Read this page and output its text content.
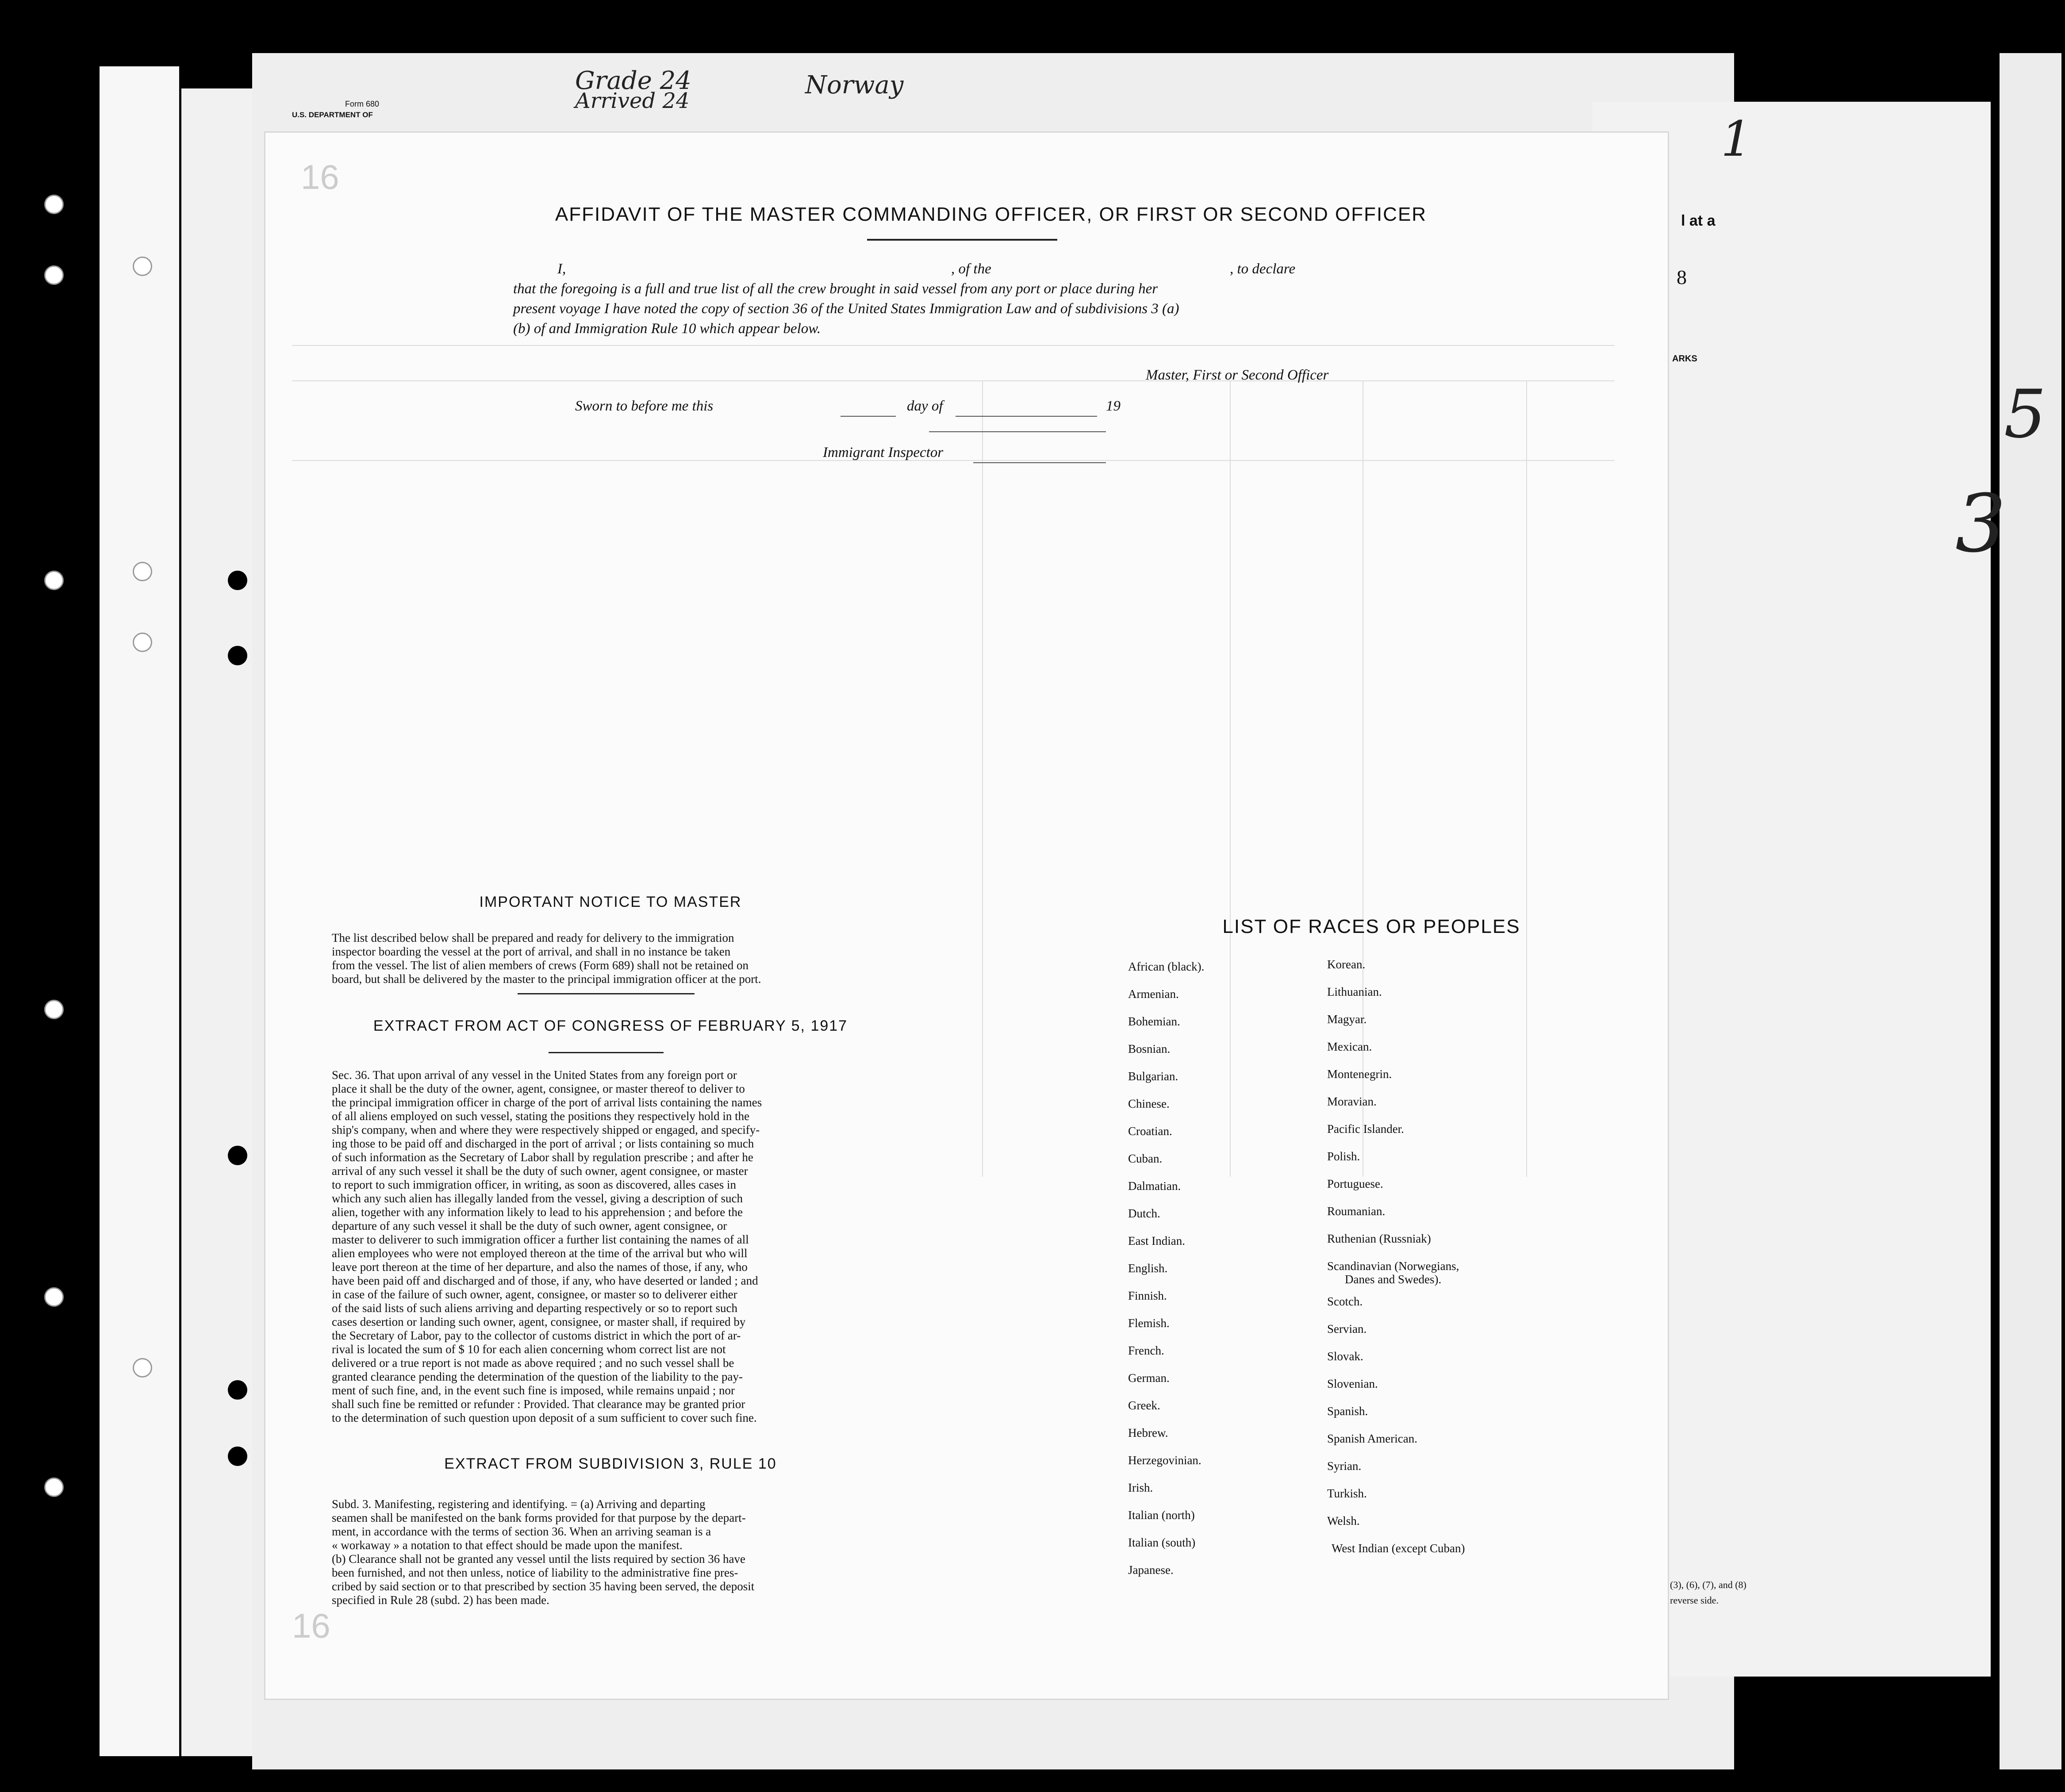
Form 680
U.S. DEPARTMENT OF
Grade 24
Arrived 24
Norway
1
l at a
8
ARKS
(3), (6), (7), and (8)
reverse side.
5
3
16
AFFIDAVIT OF THE MASTER COMMANDING OFFICER, OR FIRST OR SECOND OFFICER
I,	, of the	, to declare
that the foregoing is a full and true list of all the crew brought in said vessel from any port or place during her
present voyage I have noted the copy of section 36 of the United States Immigration Law and of subdivisions 3 (a)
(b) of and Immigration Rule 10 which appear below.
Master, First or Second Officer
Sworn to before me this	day of	19
Immigrant Inspector
IMPORTANT NOTICE TO MASTER
The list described below shall be prepared and ready for delivery to the immigration
inspector boarding the vessel at the port of arrival, and shall in no instance be taken
from the vessel. The list of alien members of crews (Form 689) shall not be retained on
board, but shall be delivered by the master to the principal immigration officer at the port.
EXTRACT FROM ACT OF CONGRESS OF FEBRUARY 5, 1917
Sec. 36. That upon arrival of any vessel in the United States from any foreign port or
place it shall be the duty of the owner, agent, consignee, or master thereof to deliver to
the principal immigration officer in charge of the port of arrival lists containing the names
of all aliens employed on such vessel, stating the positions they respectively hold in the
ship's company, when and where they were respectively shipped or engaged, and specify-
ing those to be paid off and discharged in the port of arrival ; or lists containing so much
of such information as the Secretary of Labor shall by regulation prescribe ; and after he
arrival of any such vessel it shall be the duty of such owner, agent consignee, or master
to report to such immigration officer, in writing, as soon as discovered, alles cases in
which any such alien has illegally landed from the vessel, giving a description of such
alien, together with any information likely to lead to his apprehension ; and before the
departure of any such vessel it shall be the duty of such owner, agent consignee, or
master to deliverer to such immigration officer a further list containing the names of all
alien employees who were not employed thereon at the time of the arrival but who will
leave port thereon at the time of her departure, and also the names of those, if any, who
have been paid off and discharged and of those, if any, who have deserted or landed ; and
in case of the failure of such owner, agent, consignee, or master so to deliverer either
of the said lists of such aliens arriving and departing respectively or so to report such
cases desertion or landing such owner, agent, consignee, or master shall, if required by
the Secretary of Labor, pay to the collector of customs district in which the port of ar-
rival is located the sum of $ 10 for each alien concerning whom correct list are not
delivered or a true report is not made as above required ; and no such vessel shall be
granted clearance pending the determination of the question of the liability to the pay-
ment of such fine, and, in the event such fine is imposed, while remains unpaid ; nor
shall such fine be remitted or refunder : Provided. That clearance may be granted prior
to the determination of such question upon deposit of a sum sufficient to cover such fine.
EXTRACT FROM SUBDIVISION 3, RULE 10
Subd. 3. Manifesting, registering and identifying. = (a) Arriving and departing
seamen shall be manifested on the bank forms provided for that purpose by the depart-
ment, in accordance with the terms of section 36. When an arriving seaman is a
« workaway » a notation to that effect should be made upon the manifest.
(b) Clearance shall not be granted any vessel until the lists required by section 36 have
been furnished, and not then unless, notice of liability to the administrative fine pres-
cribed by said section or to that prescribed by section 35 having been served, the deposit
specified in Rule 28 (subd. 2) has been made.
LIST OF RACES OR PEOPLES
African (black).
Armenian.
Bohemian.
Bosnian.
Bulgarian.
Chinese.
Croatian.
Cuban.
Dalmatian.
Dutch.
East Indian.
English.
Finnish.
Flemish.
French.
German.
Greek.
Hebrew.
Herzegovinian.
Irish.
Italian (north)
Italian (south)
Japanese.
Korean.
Lithuanian.
Magyar.
Mexican.
Montenegrin.
Moravian.
Pacific Islander.
Polish.
Portuguese.
Roumanian.
Ruthenian (Russniak)
Scandinavian (Norwegians,
Danes and Swedes).
Scotch.
Servian.
Slovak.
Slovenian.
Spanish.
Spanish American.
Syrian.
Turkish.
Welsh.
West Indian (except Cuban)
16
